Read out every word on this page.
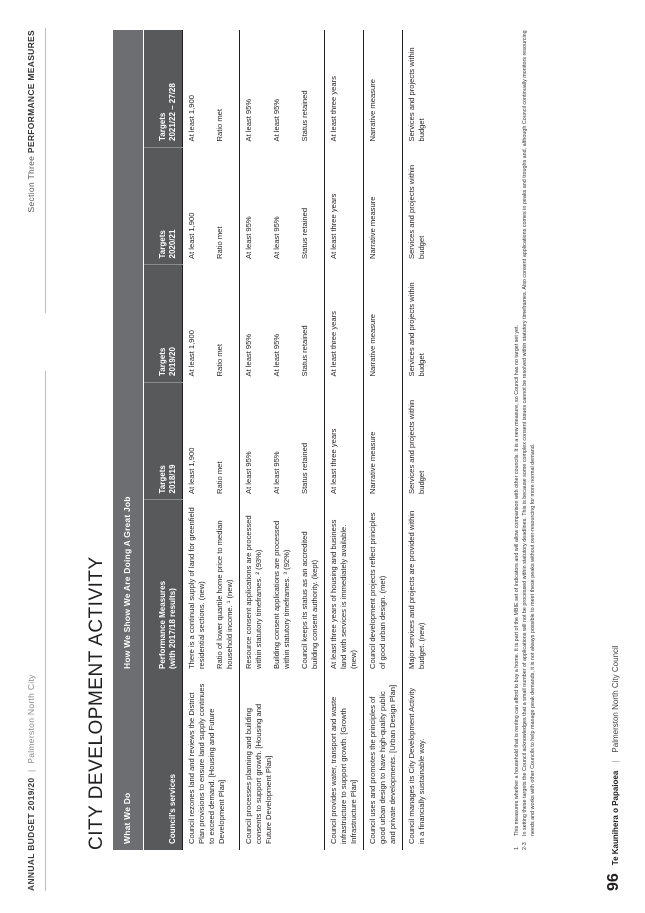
ANNUAL BUDGET 2019/20 | Palmerston North City
Section Three PERFORMANCE MEASURES
CITY DEVELOPMENT ACTIVITY What We Do	How We Show We Are Doing A Great Job				

Council's services	Performance Measures (with 2017/18 results)	Targets 2018/19	Targets 2019/20	Targets 2020/21	Targets 2021/22 – 27/28

Council rezones land and reviews the District Plan provisions to ensure land supply continues to exceed demand. [Housing and Future Development Plan]	There is a continual supply of land for greenfield residential sections. (new)	At least 1,900	At least 1,900	At least 1,900	At least 1,900
	Ratio of lower quartile home price to median household income. ¹ (new)	Ratio met	Ratio met	Ratio met	Ratio met
Council processes planning and building consents to support growth. [Housing and Future Development Plan]	Resource consent applications are processed within statutory timeframes. ² (93%)	At least 95%	At least 95%	At least 95%	At least 95%
	Building consent applications are processed within statutory timeframes. ³ (92%)	At least 95%	At least 95%	At least 95%	At least 95%
	Council keeps its status as an accredited building consent authority. (kept)	Status retained	Status retained	Status retained	Status retained
Council provides water, transport and waste infrastructure to support growth. [Growth Infrastructure Plan]	At least three years of housing and business land with services is immediately available. (new)	At least three years	At least three years	At least three years	At least three years
Council uses and promotes the principles of good urban design to have high-quality public and private developments. [Urban Design Plan]	Council development projects reflect principles of good urban design. (met)	Narrative measure	Narrative measure	Narrative measure	Narrative measure
Council manages its City Development Activity in a financially sustainable way.	Major services and projects are provided within budget. (new)	Services and projects within budget	Services and projects within budget	Services and projects within budget	Services and projects within budget
1
This measures whether a household that is renting can afford to buy a home. It is part of the MBIE set of indicators and will allow comparison with other councils. It is a new measure, so Council has no target set yet.
2-3
In setting these targets the Council acknowledges that a small number of applications will not be processed within statutory deadlines. This is because some complex consent issues cannot be resolved within statutory timeframes. Also consent applications comes in peaks and troughs and, although Council continually monitors resourcing needs and works with other Councils to help manage peak demands, it is not always possible to meet these peaks without over-resourcing for more normal demand.
96
Te Kaunihera o Papaioea
|
Palmerston North City Council
